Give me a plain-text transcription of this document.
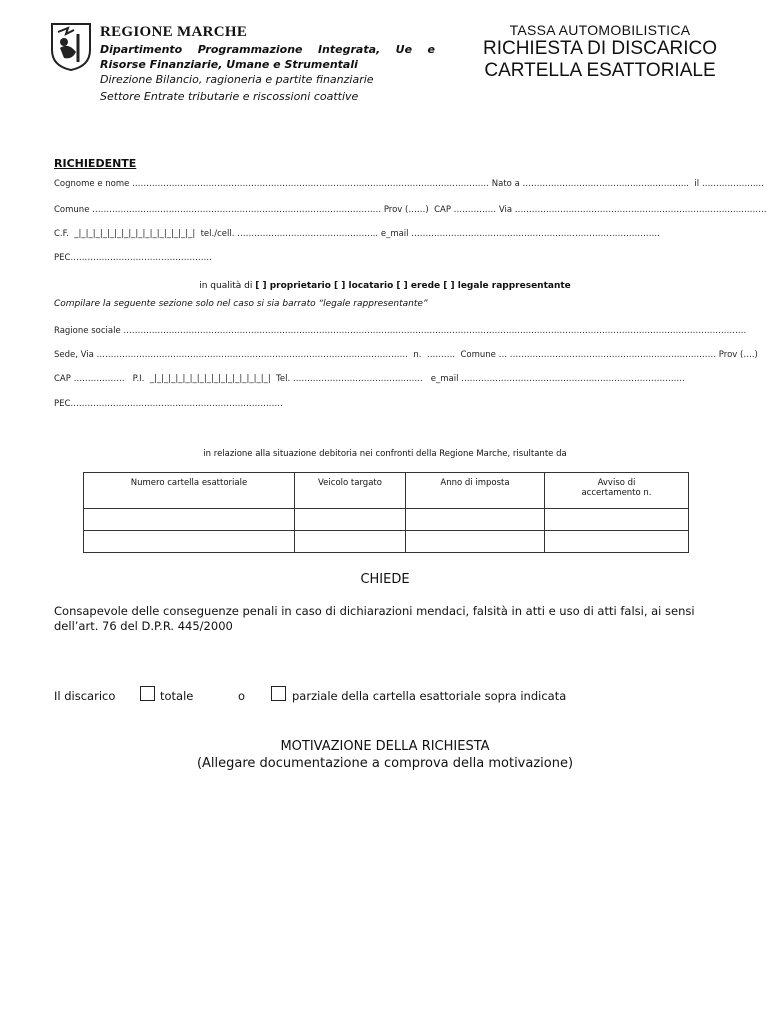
REGIONE MARCHE
Dipartimento Programmazione Integrata, Ue e Risorse Finanziarie, Umane e Strumentali
Direzione Bilancio, ragioneria e partite finanziarie
Settore Entrate tributarie e riscossioni coattive
TASSA AUTOMOBILISTICA
RICHIESTA DI DISCARICO
CARTELLA ESATTORIALE
RICHIEDENTE
Cognome e nome ……………………………………………………………………………………………………………… Nato a ……………………………….…..……………..  il ……………….…
Comune ………………………………………………………………………………………… Prov (……)  CAP …………… Via ……………………………………………………………………..………
C.F.  _|_|_|_|_|_|_|_|_|_|_|_|_|_|_|_|_|  tel./cell. …………….……..…………………….. e_mail ……………………..……..………………………………………………
PEC…………………………………………..
in qualità di [ ] proprietario [ ] locatario [ ] erede [ ] legale rappresentante
Compilare la seguente sezione solo nel caso si sia barrato “legale rappresentante”
Ragione sociale ……………………………………………………………………………………………………………………………..…………………………………………………………….…….
Sede, Via …………………………………………………………………………………..……………  n.  ……….  Comune … …………………………………………..……………..…… Prov (….)
CAP ………………   P.I.  _|_|_|_|_|_|_|_|_|_|_|_|_|_|_|_|_|  Tel. …………………………………..…..   e_mail ………………………………………………………………….…
PEC…………………………………………………………………
in relazione alla situazione debitoria nei confronti della Regione Marche, risultante da
Numero cartella esattoriale	Veicolo targato	Anno di imposta	Avviso di
accertamento n.

CHIEDE
Consapevole delle conseguenze penali in caso di dichiarazioni mendaci, falsità in atti e uso di atti falsi, ai sensi dell’art. 76 del D.P.R. 445/2000
Il discarico	totale	o	parziale della cartella esattoriale sopra indicata
MOTIVAZIONE DELLA RICHIESTA
(Allegare documentazione a comprova della motivazione)
